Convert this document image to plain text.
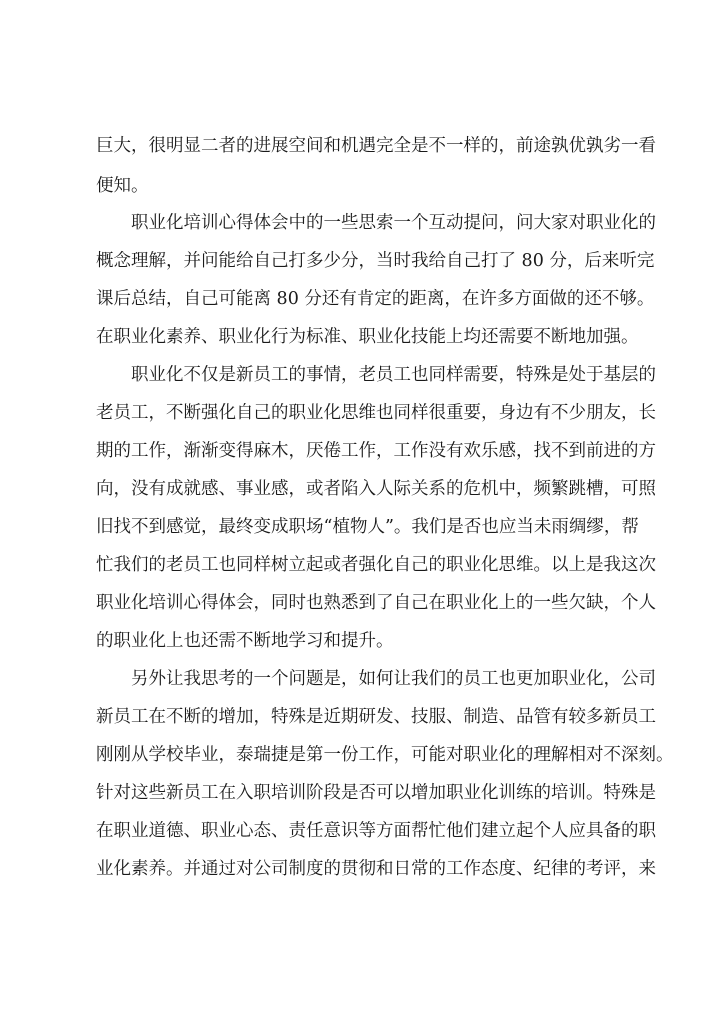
巨大，很明显二者的进展空间和机遇完全是不一样的，前途孰优孰劣一看
便知。
职业化培训心得体会中的一些思索一个互动提问，问大家对职业化的
概念理解，并问能给自己打多少分，当时我给自己打了 80 分，后来听完
课后总结，自己可能离 80 分还有肯定的距离，在许多方面做的还不够。
在职业化素养、职业化行为标准、职业化技能上均还需要不断地加强。
职业化不仅是新员工的事情，老员工也同样需要，特殊是处于基层的
老员工，不断强化自己的职业化思维也同样很重要，身边有不少朋友，长
期的工作，渐渐变得麻木，厌倦工作，工作没有欢乐感，找不到前进的方
向，没有成就感、事业感，或者陷入人际关系的危机中，频繁跳槽，可照
旧找不到感觉，最终变成职场“植物人”。我们是否也应当未雨绸缪，帮
忙我们的老员工也同样树立起或者强化自己的职业化思维。以上是我这次
职业化培训心得体会，同时也熟悉到了自己在职业化上的一些欠缺，个人
的职业化上也还需不断地学习和提升。
另外让我思考的一个问题是，如何让我们的员工也更加职业化，公司
新员工在不断的增加，特殊是近期研发、技服、制造、品管有较多新员工
刚刚从学校毕业，泰瑞捷是第一份工作，可能对职业化的理解相对不深刻。
针对这些新员工在入职培训阶段是否可以增加职业化训练的培训。特殊是
在职业道德、职业心态、责任意识等方面帮忙他们建立起个人应具备的职
业化素养。并通过对公司制度的贯彻和日常的工作态度、纪律的考评，来
